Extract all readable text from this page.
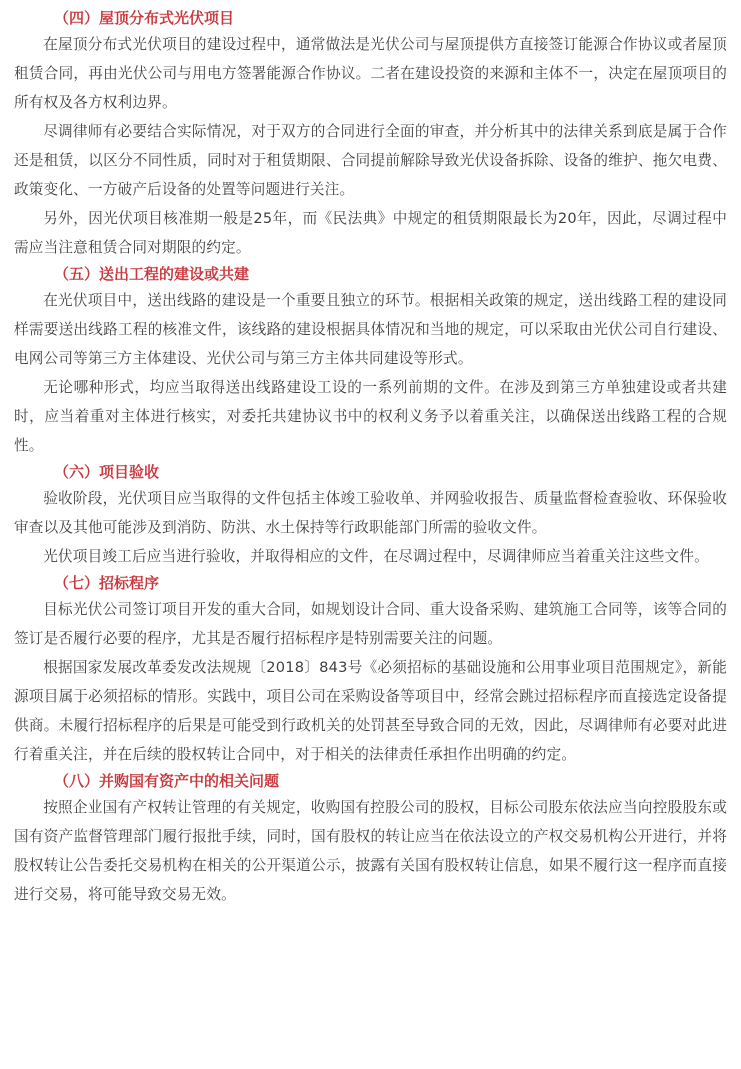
（四）屋顶分布式光伏项目

在屋顶分布式光伏项目的建设过程中，通常做法是光伏公司与屋顶提供方直接签订能源合作协议或者屋顶租赁合同，再由光伏公司与用电方签署能源合作协议。二者在建设投资的来源和主体不一，决定在屋顶项目的所有权及各方权利边界。

尽调律师有必要结合实际情况，对于双方的合同进行全面的审查，并分析其中的法律关系到底是属于合作还是租赁，以区分不同性质，同时对于租赁期限、合同提前解除导致光伏设备拆除、设备的维护、拖欠电费、政策变化、一方破产后设备的处置等问题进行关注。

另外，因光伏项目核准期一般是25年，而《民法典》中规定的租赁期限最长为20年，因此，尽调过程中需应当注意租赁合同对期限的约定。

（五）送出工程的建设或共建

在光伏项目中，送出线路的建设是一个重要且独立的环节。根据相关政策的规定，送出线路工程的建设同样需要送出线路工程的核准文件，该线路的建设根据具体情况和当地的规定，可以采取由光伏公司自行建设、电网公司等第三方主体建设、光伏公司与第三方主体共同建设等形式。

无论哪种形式，均应当取得送出线路建设工设的一系列前期的文件。在涉及到第三方单独建设或者共建时，应当着重对主体进行核实，对委托共建协议书中的权利义务予以着重关注，以确保送出线路工程的合规性。

（六）项目验收

验收阶段，光伏项目应当取得的文件包括主体竣工验收单、并网验收报告、质量监督检查验收、环保验收审查以及其他可能涉及到消防、防洪、水土保持等行政职能部门所需的验收文件。

光伏项目竣工后应当进行验收，并取得相应的文件，在尽调过程中，尽调律师应当着重关注这些文件。

（七）招标程序

目标光伏公司签订项目开发的重大合同，如规划设计合同、重大设备采购、建筑施工合同等，该等合同的签订是否履行必要的程序，尤其是否履行招标程序是特别需要关注的问题。

根据国家发展改革委发改法规规〔2018〕843号《必须招标的基础设施和公用事业项目范围规定》，新能源项目属于必须招标的情形。实践中，项目公司在采购设备等项目中，经常会跳过招标程序而直接选定设备提供商。未履行招标程序的后果是可能受到行政机关的处罚甚至导致合同的无效，因此，尽调律师有必要对此进行着重关注，并在后续的股权转让合同中，对于相关的法律责任承担作出明确的约定。

（八）并购国有资产中的相关问题

按照企业国有产权转让管理的有关规定，收购国有控股公司的股权，目标公司股东依法应当向控股股东或国有资产监督管理部门履行报批手续，同时，国有股权的转让应当在依法设立的产权交易机构公开进行，并将股权转让公告委托交易机构在相关的公开渠道公示，披露有关国有股权转让信息，如果不履行这一程序而直接进行交易，将可能导致交易无效。
